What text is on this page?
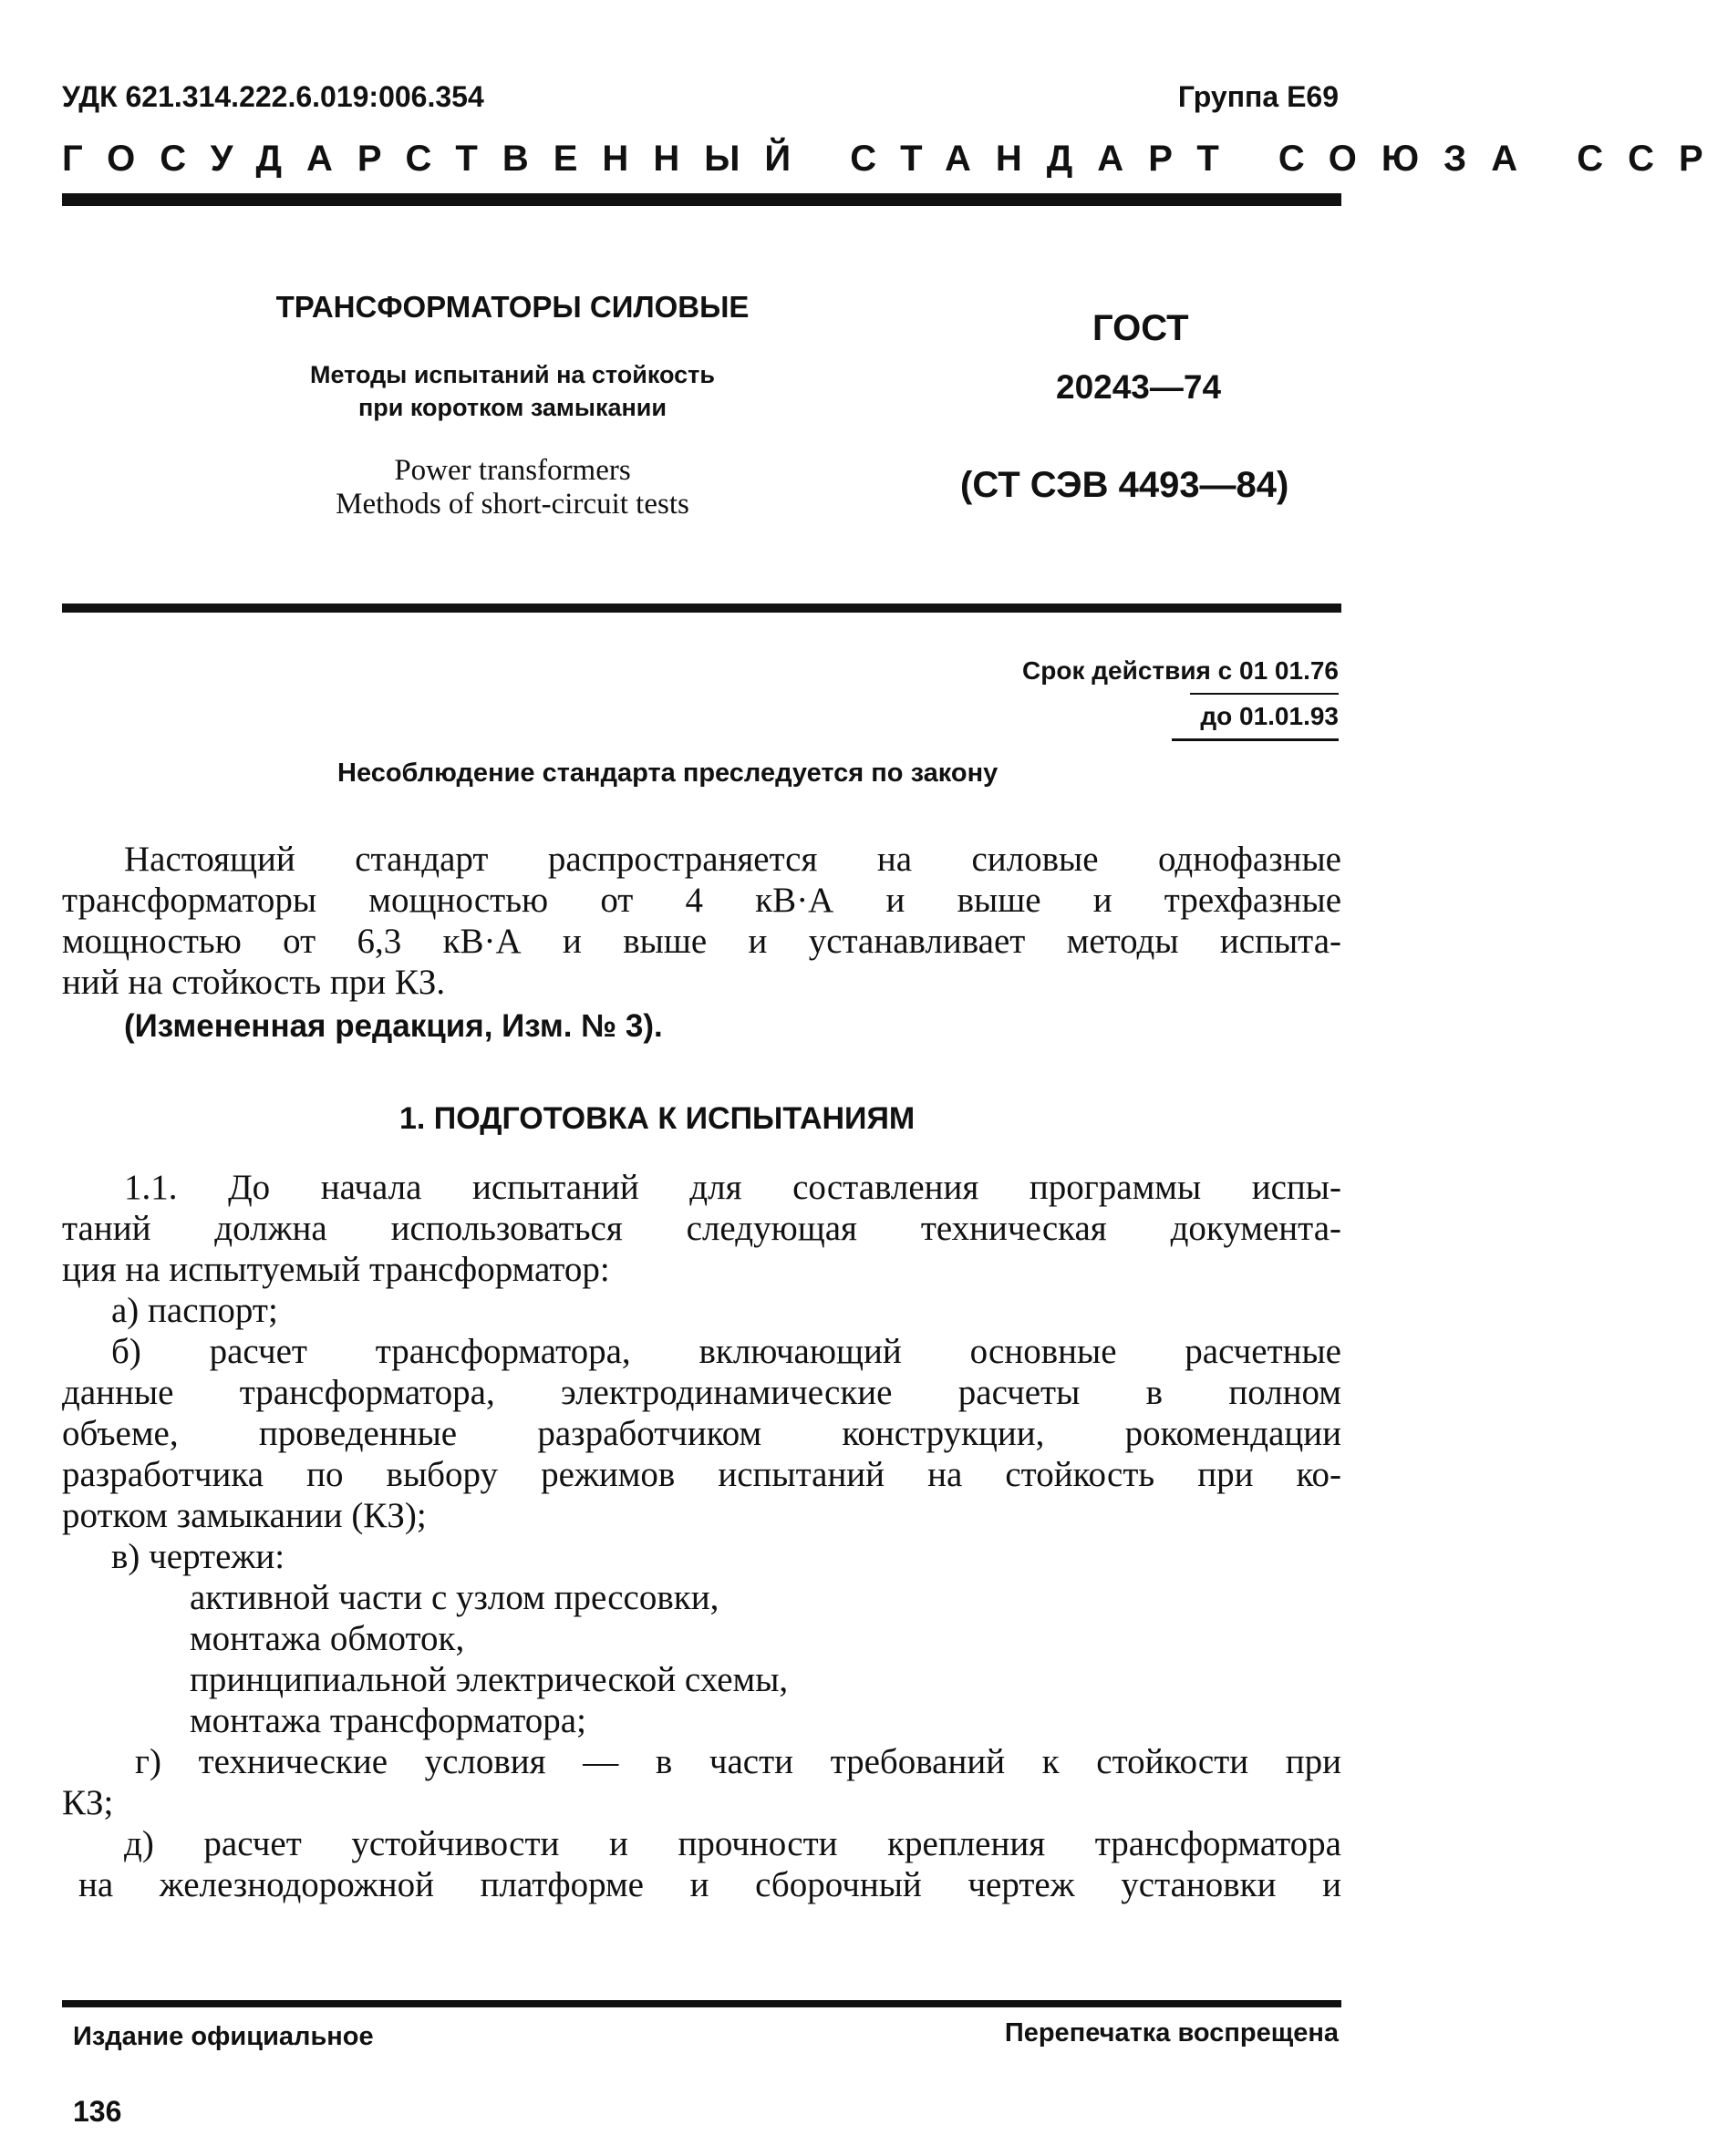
УДК 621.314.222.6.019:006.354	Группа Е69
ГОСУДАРСТВЕННЫЙ СТАНДАРТ СОЮЗА ССР
ТРАНСФОРМАТОРЫ СИЛОВЫЕ
Методы испытаний на стойкость
при коротком замыкании
Power transformers
Methods of short-circuit tests
ГОСТ
20243—74
(СТ СЭВ 4493—84)
Срок действия с 01 01.76
до 01.01.93
Несоблюдение стандарта преследуется по закону
Настоящий стандарт распространяется на силовые однофазные
трансформаторы мощностью от 4 кВ·А и выше и трехфазные
мощностью от 6,3 кВ·А и выше и устанавливает методы испыта-
ний на стойкость при КЗ.
(Измененная редакция, Изм. № 3).
1. ПОДГОТОВКА К ИСПЫТАНИЯМ
1.1. До начала испытаний для составления программы испы-
таний должна использоваться следующая техническая документа-
ция на испытуемый трансформатор:
а) паспорт;
б) расчет трансформатора, включающий основные расчетные
данные трансформатора, электродинамические расчеты в полном
объеме, проведенные разработчиком конструкции, рокомендации
разработчика по выбору режимов испытаний на стойкость при ко-
ротком замыкании (КЗ);
в) чертежи:
активной части с узлом прессовки,
монтажа обмоток,
принципиальной электрической схемы,
монтажа трансформатора;
г) технические условия — в части требований к стойкости при
КЗ;
д) расчет устойчивости и прочности крепления трансформатора
на железнодорожной платформе и сборочный чертеж установки и
Издание официальное	Перепечатка воспрещена
136
